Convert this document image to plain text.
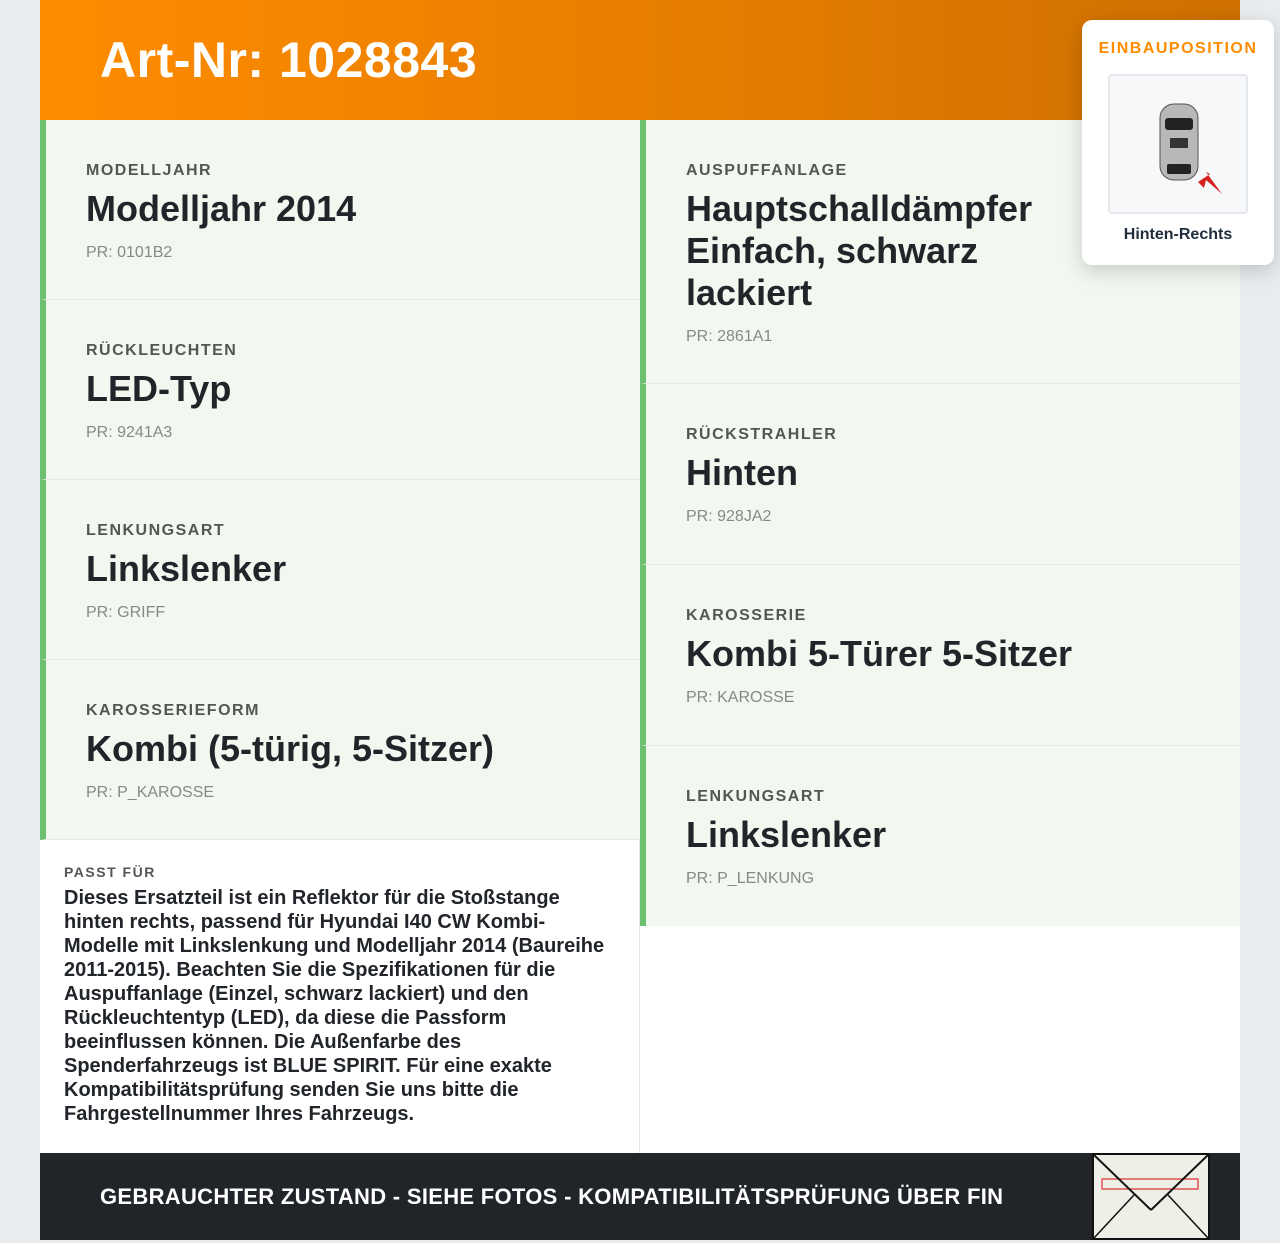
Art-Nr: 1028843
MODELLJAHR
Modelljahr 2014
PR: 0101B2
RÜCKLEUCHTEN
LED-Typ
PR: 9241A3
LENKUNGSART
Linkslenker
PR: GRIFF
KAROSSERIEFORM
Kombi (5-türig, 5-Sitzer)
PR: P_KAROSSE
PASST FÜR

Dieses Ersatzteil ist ein Reflektor für die Stoßstange hinten rechts, passend für Hyundai I40 CW Kombi-Modelle mit Linkslenkung und Modelljahr 2014 (Baureihe 2011-2015). Beachten Sie die Spezifikationen für die Auspuffanlage (Einzel, schwarz lackiert) und den Rückleuchtentyp (LED), da diese die Passform beeinflussen können. Die Außenfarbe des Spenderfahrzeugs ist BLUE SPIRIT. Für eine exakte Kompatibilitätsprüfung senden Sie uns bitte die Fahrgestellnummer Ihres Fahrzeugs.

AUSPUFFANLAGE
Hauptschalldämpfer Einfach, schwarz lackiert
PR: 2861A1
RÜCKSTRAHLER
Hinten
PR: 928JA2
KAROSSERIE
Kombi 5-Türer 5-Sitzer
PR: KAROSSE
LENKUNGSART
Linkslenker
PR: P_LENKUNG
GEBRAUCHTER ZUSTAND - SIEHE FOTOS - KOMPATIBILITÄTSPRÜFUNG ÜBER FIN
EINBAUPOSITION
Hinten-Rechts
